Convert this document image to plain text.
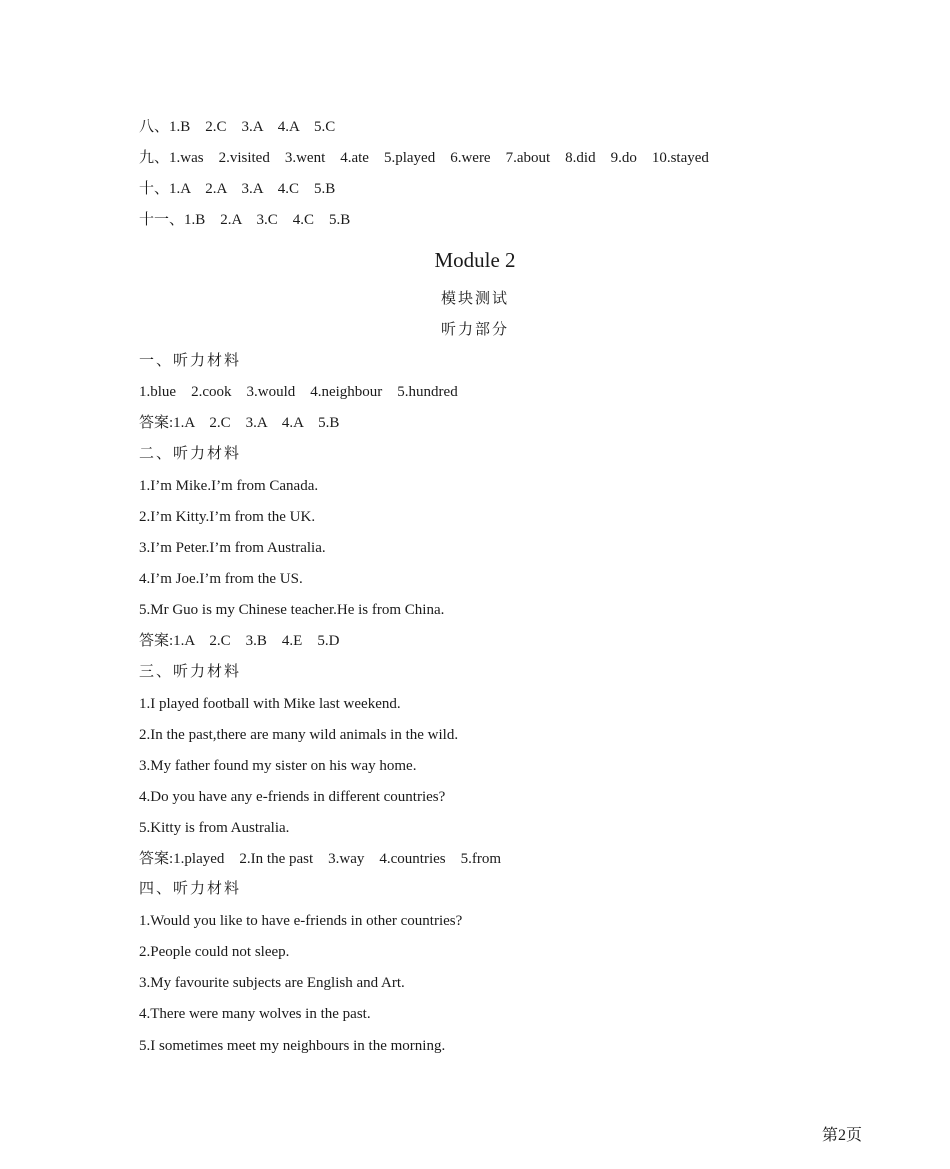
八、1.B    2.C    3.A    4.A    5.C
九、1.was    2.visited    3.went    4.ate    5.played    6.were    7.about    8.did    9.do    10.stayed
十、1.A    2.A    3.A    4.C    5.B
十一、1.B    2.A    3.C    4.C    5.B
Module 2
模块测试
听力部分
一、听力材料
1.blue    2.cook    3.would    4.neighbour    5.hundred
答案:1.A    2.C    3.A    4.A    5.B
二、听力材料
1.I’m Mike.I’m from Canada.
2.I’m Kitty.I’m from the UK.
3.I’m Peter.I’m from Australia.
4.I’m Joe.I’m from the US.
5.Mr Guo is my Chinese teacher.He is from China.
答案:1.A    2.C    3.B    4.E    5.D
三、听力材料
1.I played football with Mike last weekend.
2.In the past,there are many wild animals in the wild.
3.My father found my sister on his way home.
4.Do you have any e-friends in different countries?
5.Kitty is from Australia.
答案:1.played    2.In the past    3.way    4.countries    5.from
四、听力材料
1.Would you like to have e-friends in other countries?
2.People could not sleep.
3.My favourite subjects are English and Art.
4.There were many wolves in the past.
5.I sometimes meet my neighbours in the morning.
第2页
